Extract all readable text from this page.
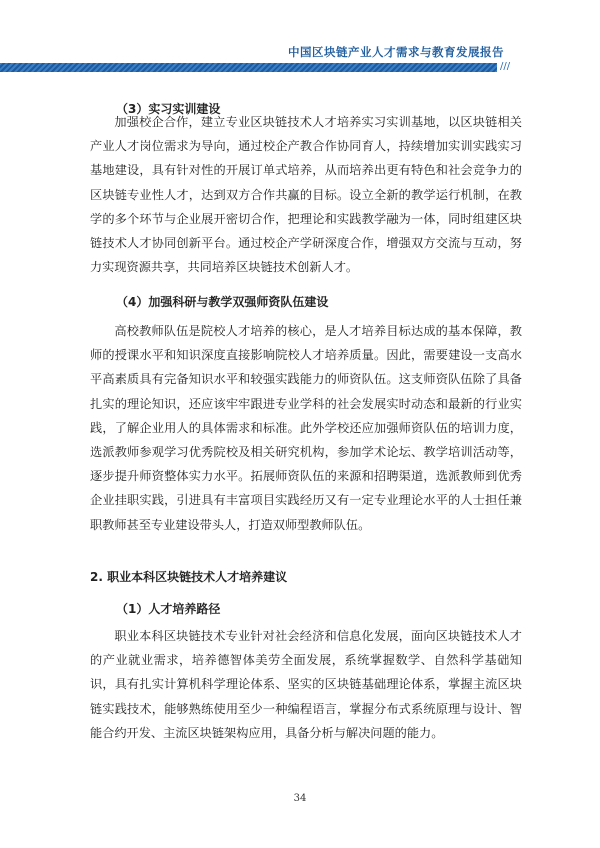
中国区块链产业人才需求与教育发展报告
///
（3）实习实训建设
加强校企合作，建立专业区块链技术人才培养实习实训基地，以区块链相关产业人才岗位需求为导向，通过校企产教合作协同育人，持续增加实训实践实习基地建设，具有针对性的开展订单式培养，从而培养出更有特色和社会竞争力的区块链专业性人才，达到双方合作共赢的目标。设立全新的教学运行机制，在教学的多个环节与企业展开密切合作，把理论和实践教学融为一体，同时组建区块链技术人才协同创新平台。通过校企产学研深度合作，增强双方交流与互动，努力实现资源共享，共同培养区块链技术创新人才。
（4）加强科研与教学双强师资队伍建设
高校教师队伍是院校人才培养的核心，是人才培养目标达成的基本保障，教师的授课水平和知识深度直接影响院校人才培养质量。因此，需要建设一支高水平高素质具有完备知识水平和较强实践能力的师资队伍。这支师资队伍除了具备扎实的理论知识，还应该牢牢跟进专业学科的社会发展实时动态和最新的行业实践，了解企业用人的具体需求和标准。此外学校还应加强师资队伍的培训力度，选派教师参观学习优秀院校及相关研究机构，参加学术论坛、教学培训活动等，逐步提升师资整体实力水平。拓展师资队伍的来源和招聘渠道，选派教师到优秀企业挂职实践，引进具有丰富项目实践经历又有一定专业理论水平的人士担任兼职教师甚至专业建设带头人，打造双师型教师队伍。
2. 职业本科区块链技术人才培养建议
（1）人才培养路径
职业本科区块链技术专业针对社会经济和信息化发展，面向区块链技术人才的产业就业需求，培养德智体美劳全面发展，系统掌握数学、自然科学基础知识，具有扎实计算机科学理论体系、坚实的区块链基础理论体系，掌握主流区块链实践技术，能够熟练使用至少一种编程语言，掌握分布式系统原理与设计、智能合约开发、主流区块链架构应用，具备分析与解决问题的能力。
34
